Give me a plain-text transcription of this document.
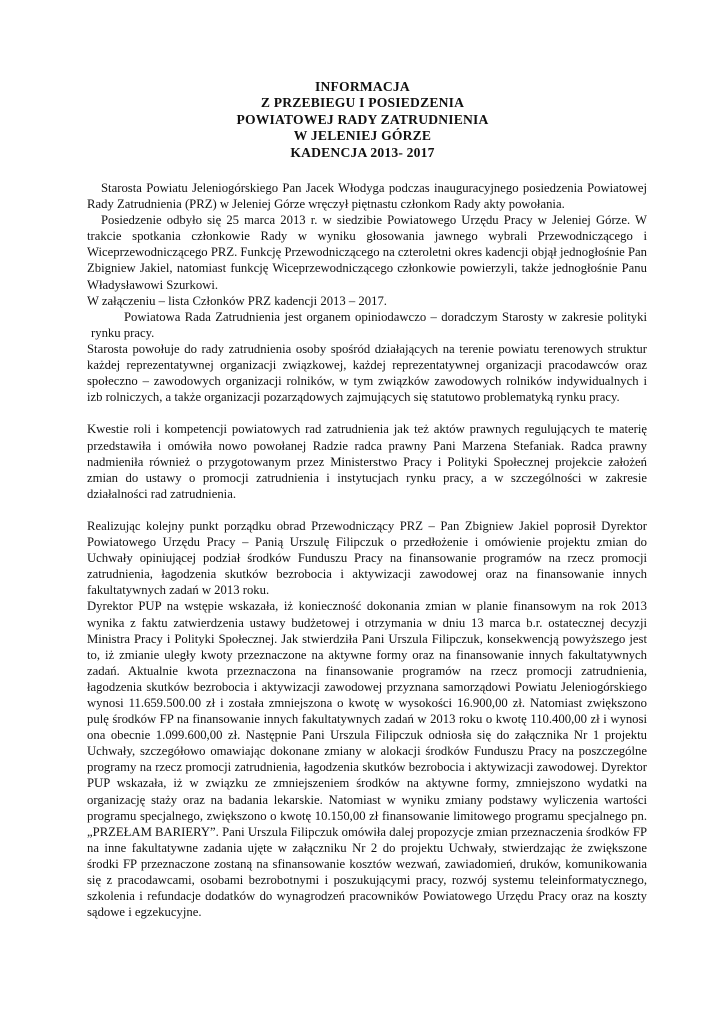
INFORMACJA
Z PRZEBIEGU I POSIEDZENIA
POWIATOWEJ RADY ZATRUDNIENIA
W JELENIEJ GÓRZE
KADENCJA 2013- 2017

Starosta Powiatu Jeleniogórskiego Pan Jacek Włodyga podczas inauguracyjnego posiedzenia Powiatowej Rady Zatrudnienia (PRZ) w Jeleniej Górze wręczył piętnastu członkom Rady akty powołania.

Posiedzenie odbyło się 25 marca 2013 r. w siedzibie Powiatowego Urzędu Pracy w Jeleniej Górze. W trakcie spotkania członkowie Rady w wyniku głosowania jawnego wybrali Przewodniczącego i Wiceprzewodniczącego PRZ. Funkcję Przewodniczącego na czteroletni okres kadencji objął jednogłośnie Pan Zbigniew Jakiel, natomiast funkcję Wiceprzewodniczącego członkowie powierzyli, także jednogłośnie Panu Władysławowi Szurkowi.

W załączeniu – lista Członków PRZ kadencji 2013 – 2017.

Powiatowa Rada Zatrudnienia jest organem opiniodawczo – doradczym Starosty w zakresie polityki rynku pracy.

Starosta powołuje do rady zatrudnienia osoby spośród działających na terenie powiatu terenowych struktur każdej reprezentatywnej organizacji związkowej, każdej reprezentatywnej organizacji pracodawców oraz społeczno – zawodowych organizacji rolników, w tym związków zawodowych rolników indywidualnych i izb rolniczych, a także organizacji pozarządowych zajmujących się statutowo problematyką rynku pracy.

Kwestie roli i kompetencji powiatowych rad zatrudnienia jak też aktów prawnych regulujących te materię przedstawiła i omówiła nowo powołanej Radzie radca prawny Pani Marzena Stefaniak. Radca prawny nadmieniła również o przygotowanym przez Ministerstwo Pracy i Polityki Społecznej projekcie założeń zmian do ustawy o promocji zatrudnienia i instytucjach rynku pracy, a w szczególności w zakresie działalności rad zatrudnienia.

Realizując kolejny punkt porządku obrad Przewodniczący PRZ – Pan Zbigniew Jakiel poprosił Dyrektor Powiatowego Urzędu Pracy – Panią Urszulę Filipczuk o przedłożenie i omówienie projektu zmian do Uchwały opiniującej podział środków Funduszu Pracy na finansowanie programów na rzecz promocji zatrudnienia, łagodzenia skutków bezrobocia i aktywizacji zawodowej oraz na finansowanie innych fakultatywnych zadań w 2013 roku.

Dyrektor PUP na wstępie wskazała, iż konieczność dokonania zmian w planie finansowym na rok 2013 wynika z faktu zatwierdzenia ustawy budżetowej i otrzymania w dniu 13 marca b.r. ostatecznej decyzji Ministra Pracy i Polityki Społecznej. Jak stwierdziła Pani Urszula Filipczuk, konsekwencją powyższego jest to, iż zmianie uległy kwoty przeznaczone na aktywne formy oraz na finansowanie innych fakultatywnych zadań. Aktualnie kwota przeznaczona na finansowanie programów na rzecz promocji zatrudnienia, łagodzenia skutków bezrobocia i aktywizacji zawodowej przyznana samorządowi Powiatu Jeleniogórskiego wynosi 11.659.500.00 zł i została zmniejszona o kwotę w wysokości 16.900,00 zł. Natomiast zwiększono pulę środków FP na finansowanie innych fakultatywnych zadań w 2013 roku o kwotę 110.400,00 zł i wynosi ona obecnie 1.099.600,00 zł. Następnie Pani Urszula Filipczuk odniosła się do załącznika Nr 1 projektu Uchwały, szczegółowo omawiając dokonane zmiany w alokacji środków Funduszu Pracy na poszczególne programy na rzecz promocji zatrudnienia, łagodzenia skutków bezrobocia i aktywizacji zawodowej. Dyrektor PUP wskazała, iż w związku ze zmniejszeniem środków na aktywne formy, zmniejszono wydatki na organizację staży oraz na badania lekarskie. Natomiast w wyniku zmiany podstawy wyliczenia wartości programu specjalnego, zwiększono o kwotę 10.150,00 zł finansowanie limitowego programu specjalnego pn. „PRZEŁAM BARIERY”. Pani Urszula Filipczuk omówiła dalej propozycje zmian przeznaczenia środków FP na inne fakultatywne zadania ujęte w załączniku Nr 2 do projektu Uchwały, stwierdzając że zwiększone środki FP przeznaczone zostaną na sfinansowanie kosztów wezwań, zawiadomień, druków, komunikowania się z pracodawcami, osobami bezrobotnymi i poszukującymi pracy, rozwój systemu teleinformatycznego, szkolenia i refundacje dodatków do wynagrodzeń pracowników Powiatowego Urzędu Pracy oraz na koszty sądowe i egzekucyjne.
